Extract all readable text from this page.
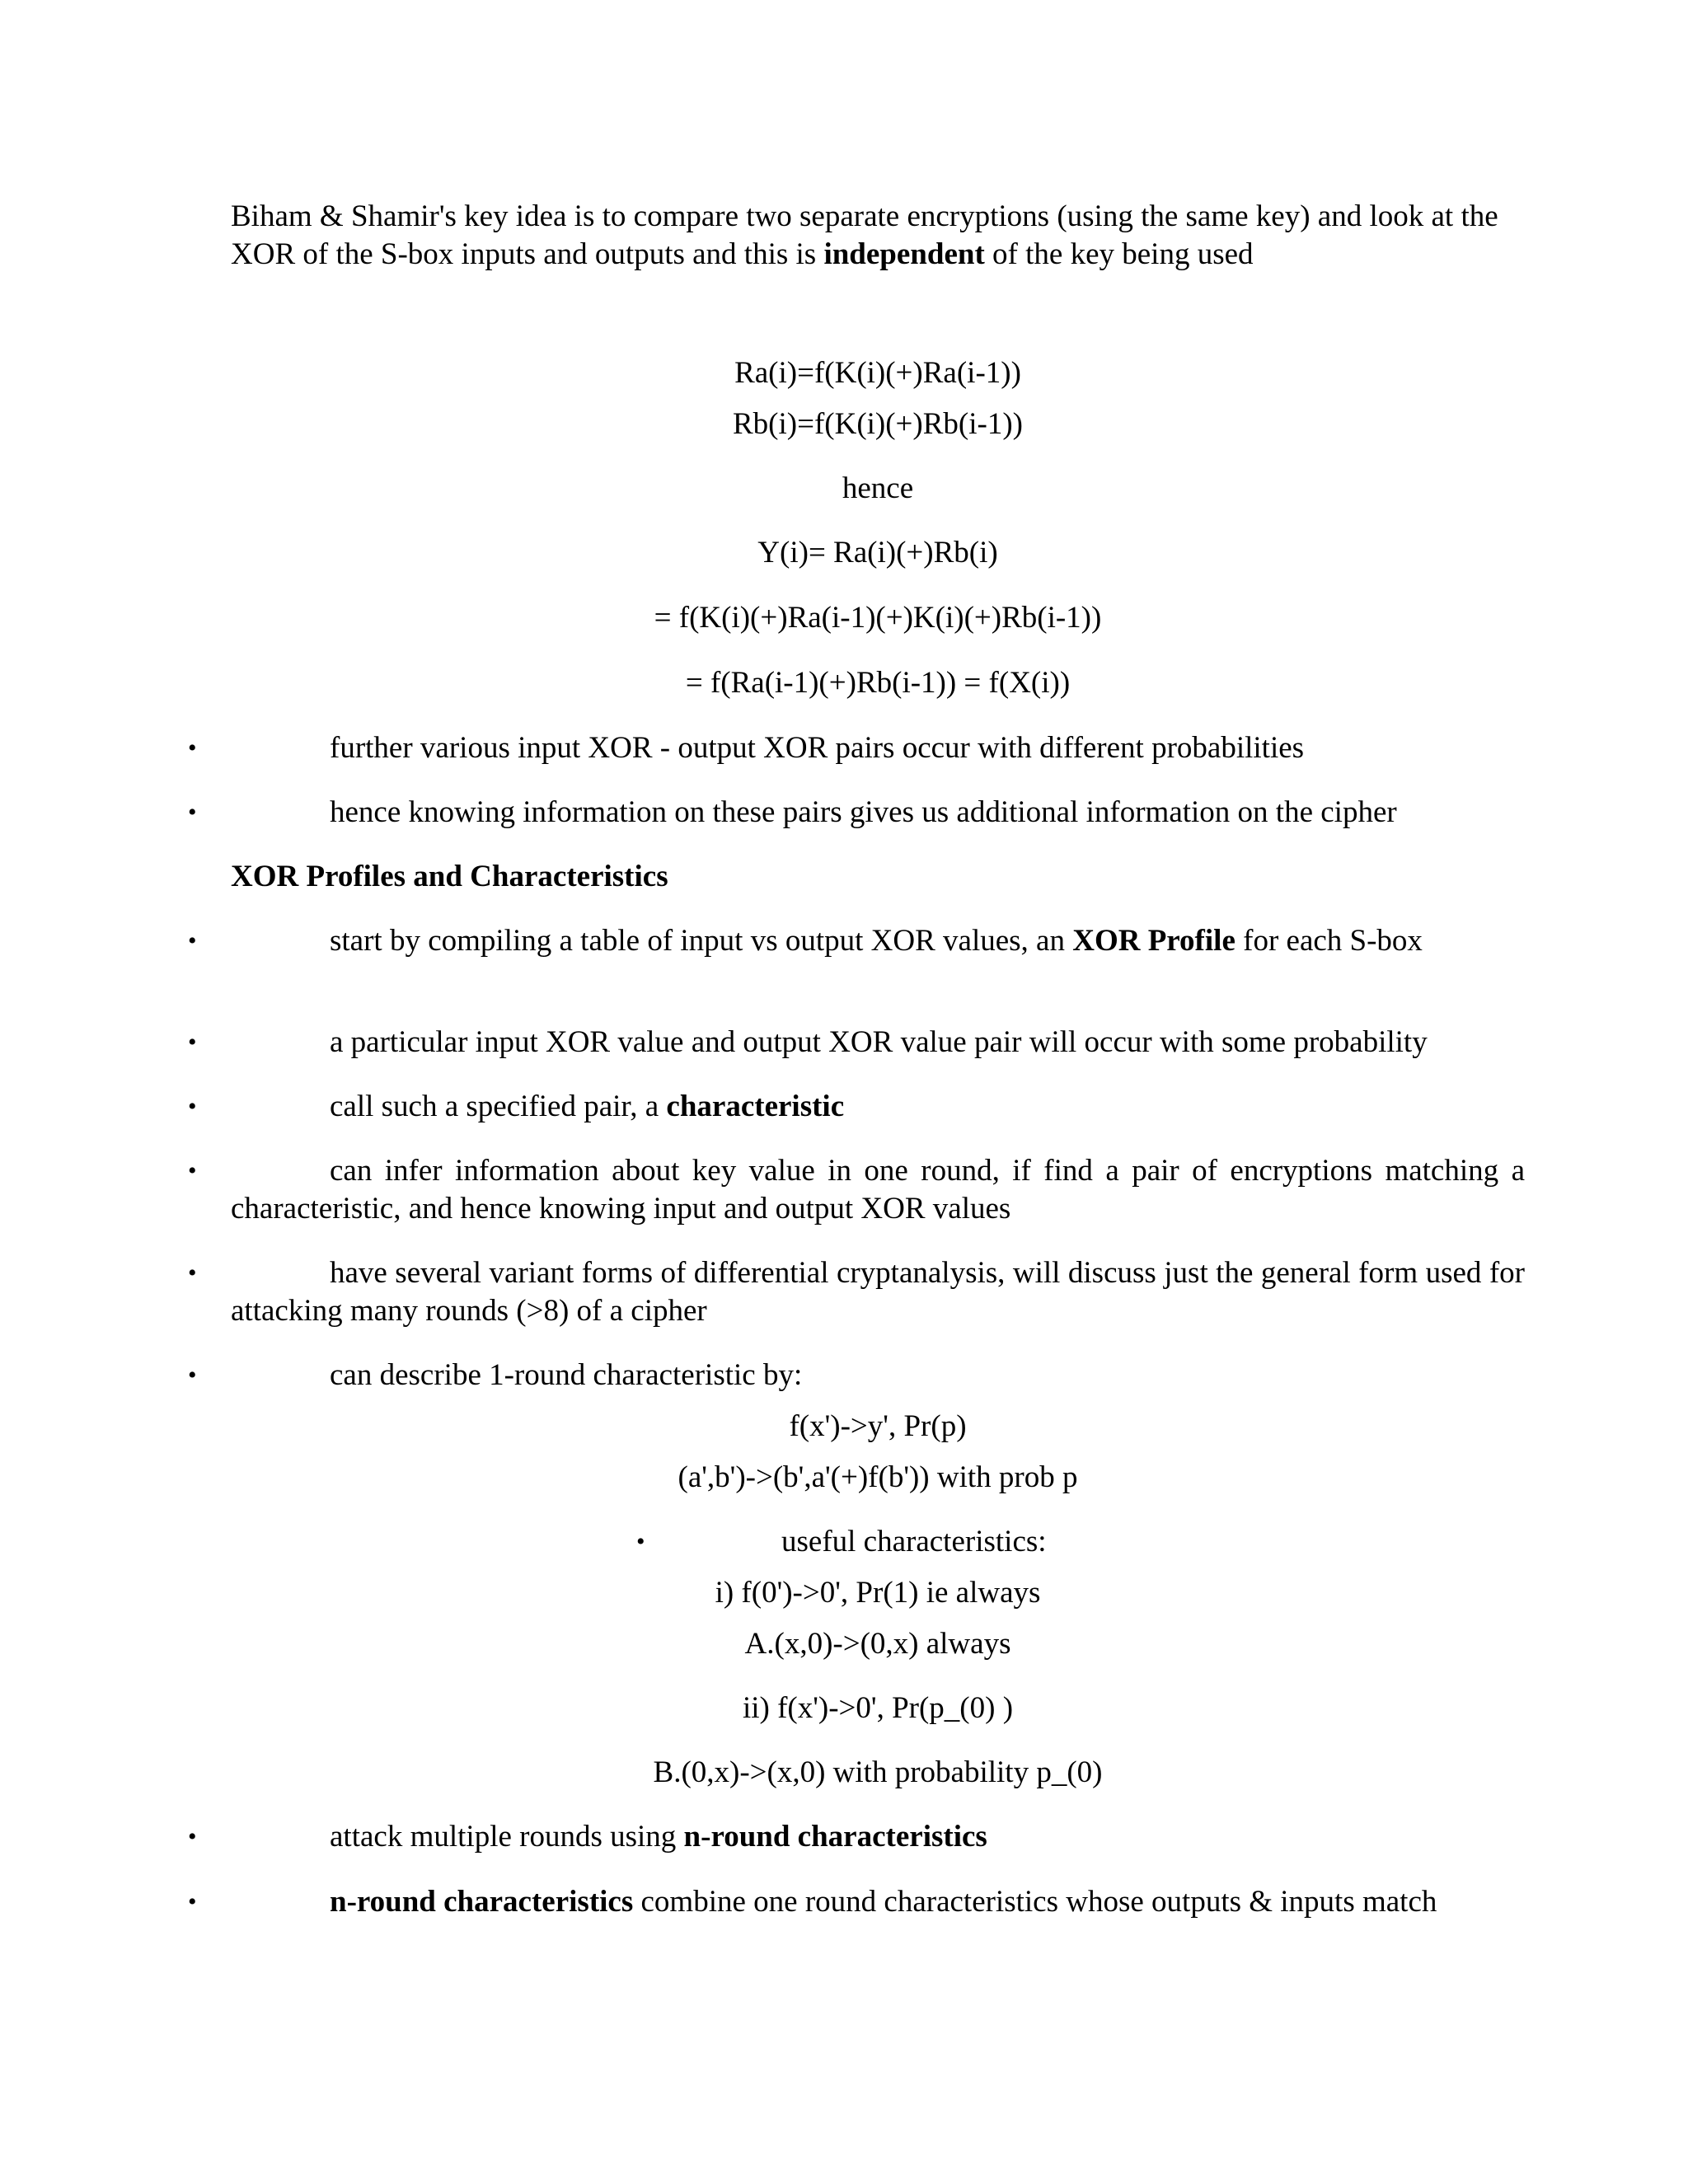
Biham & Shamir's key idea is to compare two separate encryptions (using the same key) and look at the XOR of the S-box inputs and outputs and this is independent of the key being used
Ra(i)=f(K(i)(+)Ra(i-1))
Rb(i)=f(K(i)(+)Rb(i-1))
hence
Y(i)= Ra(i)(+)Rb(i)
= f(K(i)(+)Ra(i-1)(+)K(i)(+)Rb(i-1))
= f(Ra(i-1)(+)Rb(i-1)) = f(X(i))
•	further various input XOR - output XOR pairs occur with different probabilities
•	hence knowing information on these pairs gives us additional information on the cipher
XOR Profiles and Characteristics
•	start by compiling a table of input vs output XOR values, an XOR Profile for each S-box
•	a particular input XOR value and output XOR value pair will occur with some probability
•	call such a specified pair, a characteristic
•	can infer information about key value in one round, if find a pair of encryptions matching a characteristic, and hence knowing input and output XOR values
•	have several variant forms of differential cryptanalysis, will discuss just the general form used for attacking many rounds (>8) of a cipher
•	can describe 1-round characteristic by:
f(x')->y', Pr(p)
(a',b')->(b',a'(+)f(b')) with prob p
•	useful characteristics:
i) f(0')->0', Pr(1) ie always
A.(x,0)->(0,x) always
ii) f(x')->0', Pr(p_(0) )
B.(0,x)->(x,0) with probability p_(0)
•	attack multiple rounds using n-round characteristics
•	n-round characteristics combine one round characteristics whose outputs & inputs match
